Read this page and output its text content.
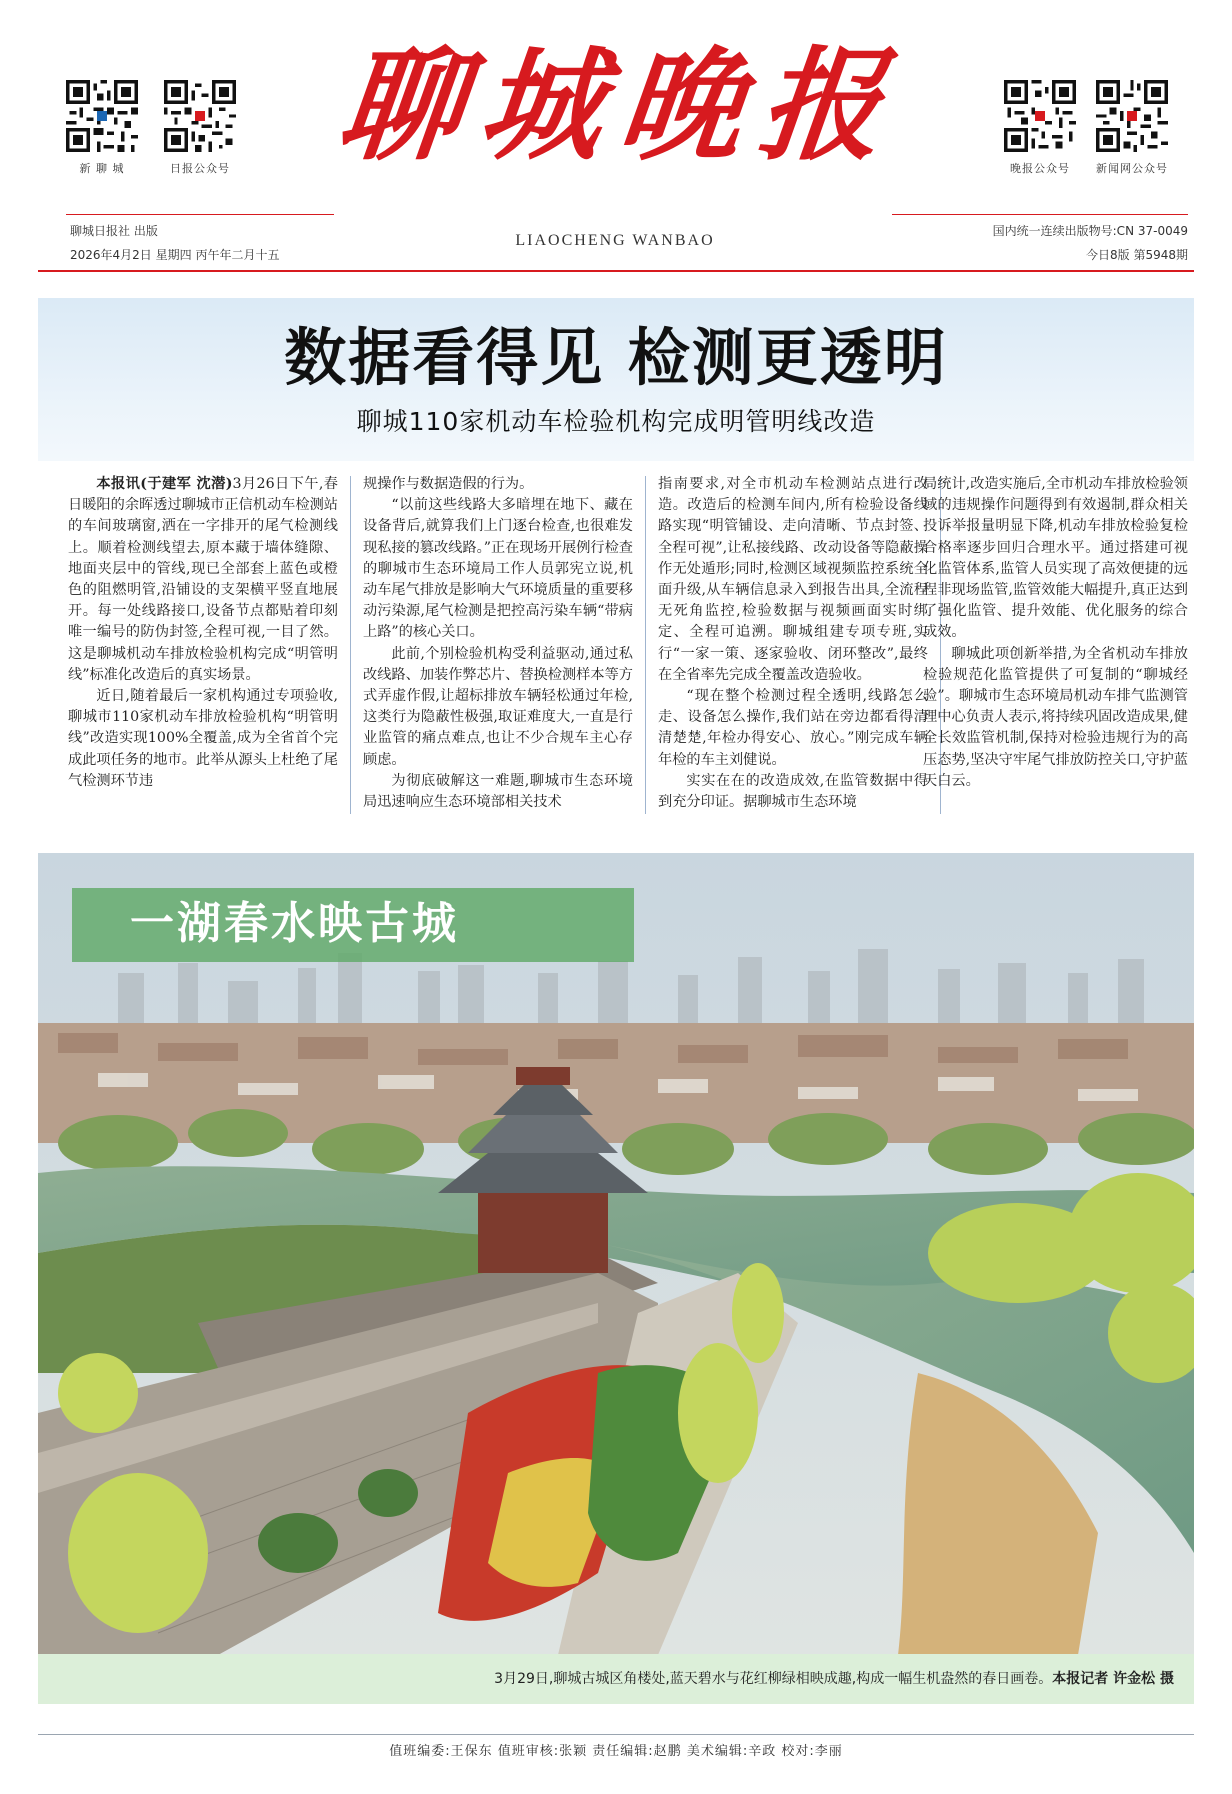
新 聊 城	日报公众号 聊城晚报	晚报公众号	新闻网公众号
聊城日报社 出版
2026年4月2日 星期四 丙午年二月十五
LIAOCHENG WANBAO
国内统一连续出版物号:CN 37-0049
今日8版 第5948期
数据看得见 检测更透明
聊城110家机动车检验机构完成明管明线改造

本报讯(于建军 沈潜)3月26日下午,春日暖阳的余晖透过聊城市正信机动车检测站的车间玻璃窗,洒在一字排开的尾气检测线上。顺着检测线望去,原本藏于墙体缝隙、地面夹层中的管线,现已全部套上蓝色或橙色的阻燃明管,沿铺设的支架横平竖直地展开。每一处线路接口,设备节点都贴着印刻唯一编号的防伪封签,全程可视,一目了然。这是聊城机动车排放检验机构完成“明管明线”标准化改造后的真实场景。

近日,随着最后一家机构通过专项验收,聊城市110家机动车排放检验机构“明管明线”改造实现100%全覆盖,成为全省首个完成此项任务的地市。此举从源头上杜绝了尾气检测环节违

规操作与数据造假的行为。

“以前这些线路大多暗埋在地下、藏在设备背后,就算我们上门逐台检查,也很难发现私接的篡改线路。”正在现场开展例行检查的聊城市生态环境局工作人员郭宪立说,机动车尾气排放是影响大气环境质量的重要移动污染源,尾气检测是把控高污染车辆“带病上路”的核心关口。

此前,个别检验机构受利益驱动,通过私改线路、加装作弊芯片、替换检测样本等方式弄虚作假,让超标排放车辆轻松通过年检,这类行为隐蔽性极强,取证难度大,一直是行业监管的痛点难点,也让不少合规车主心存顾虑。

为彻底破解这一难题,聊城市生态环境局迅速响应生态环境部相关技术

指南要求,对全市机动车检测站点进行改造。改造后的检测车间内,所有检验设备线路实现“明管铺设、走向清晰、节点封签、全程可视”,让私接线路、改动设备等隐蔽操作无处遁形;同时,检测区域视频监控系统全面升级,从车辆信息录入到报告出具,全流程无死角监控,检验数据与视频画面实时绑定、全程可追溯。聊城组建专项专班,实行“一家一策、逐家验收、闭环整改”,最终在全省率先完成全覆盖改造验收。

“现在整个检测过程全透明,线路怎么走、设备怎么操作,我们站在旁边都看得清清楚楚,年检办得安心、放心。”刚完成车辆年检的车主刘健说。

实实在在的改造成效,在监管数据中得到充分印证。据聊城市生态环境

局统计,改造实施后,全市机动车排放检验领域的违规操作问题得到有效遏制,群众相关投诉举报量明显下降,机动车排放检验复检合格率逐步回归合理水平。通过搭建可视化监管体系,监管人员实现了高效便捷的远程非现场监管,监管效能大幅提升,真正达到了强化监管、提升效能、优化服务的综合成效。

聊城此项创新举措,为全省机动车排放检验规范化监管提供了可复制的“聊城经验”。聊城市生态环境局机动车排气监测管理中心负责人表示,将持续巩固改造成果,健全长效监管机制,保持对检验违规行为的高压态势,坚决守牢尾气排放防控关口,守护蓝天白云。

一湖春水映古城
3月29日,聊城古城区角楼处,蓝天碧水与花红柳绿相映成趣,构成一幅生机盎然的春日画卷。本报记者 许金松 摄
值班编委:王保东 值班审核:张颖 责任编辑:赵鹏 美术编辑:辛政 校对:李丽
